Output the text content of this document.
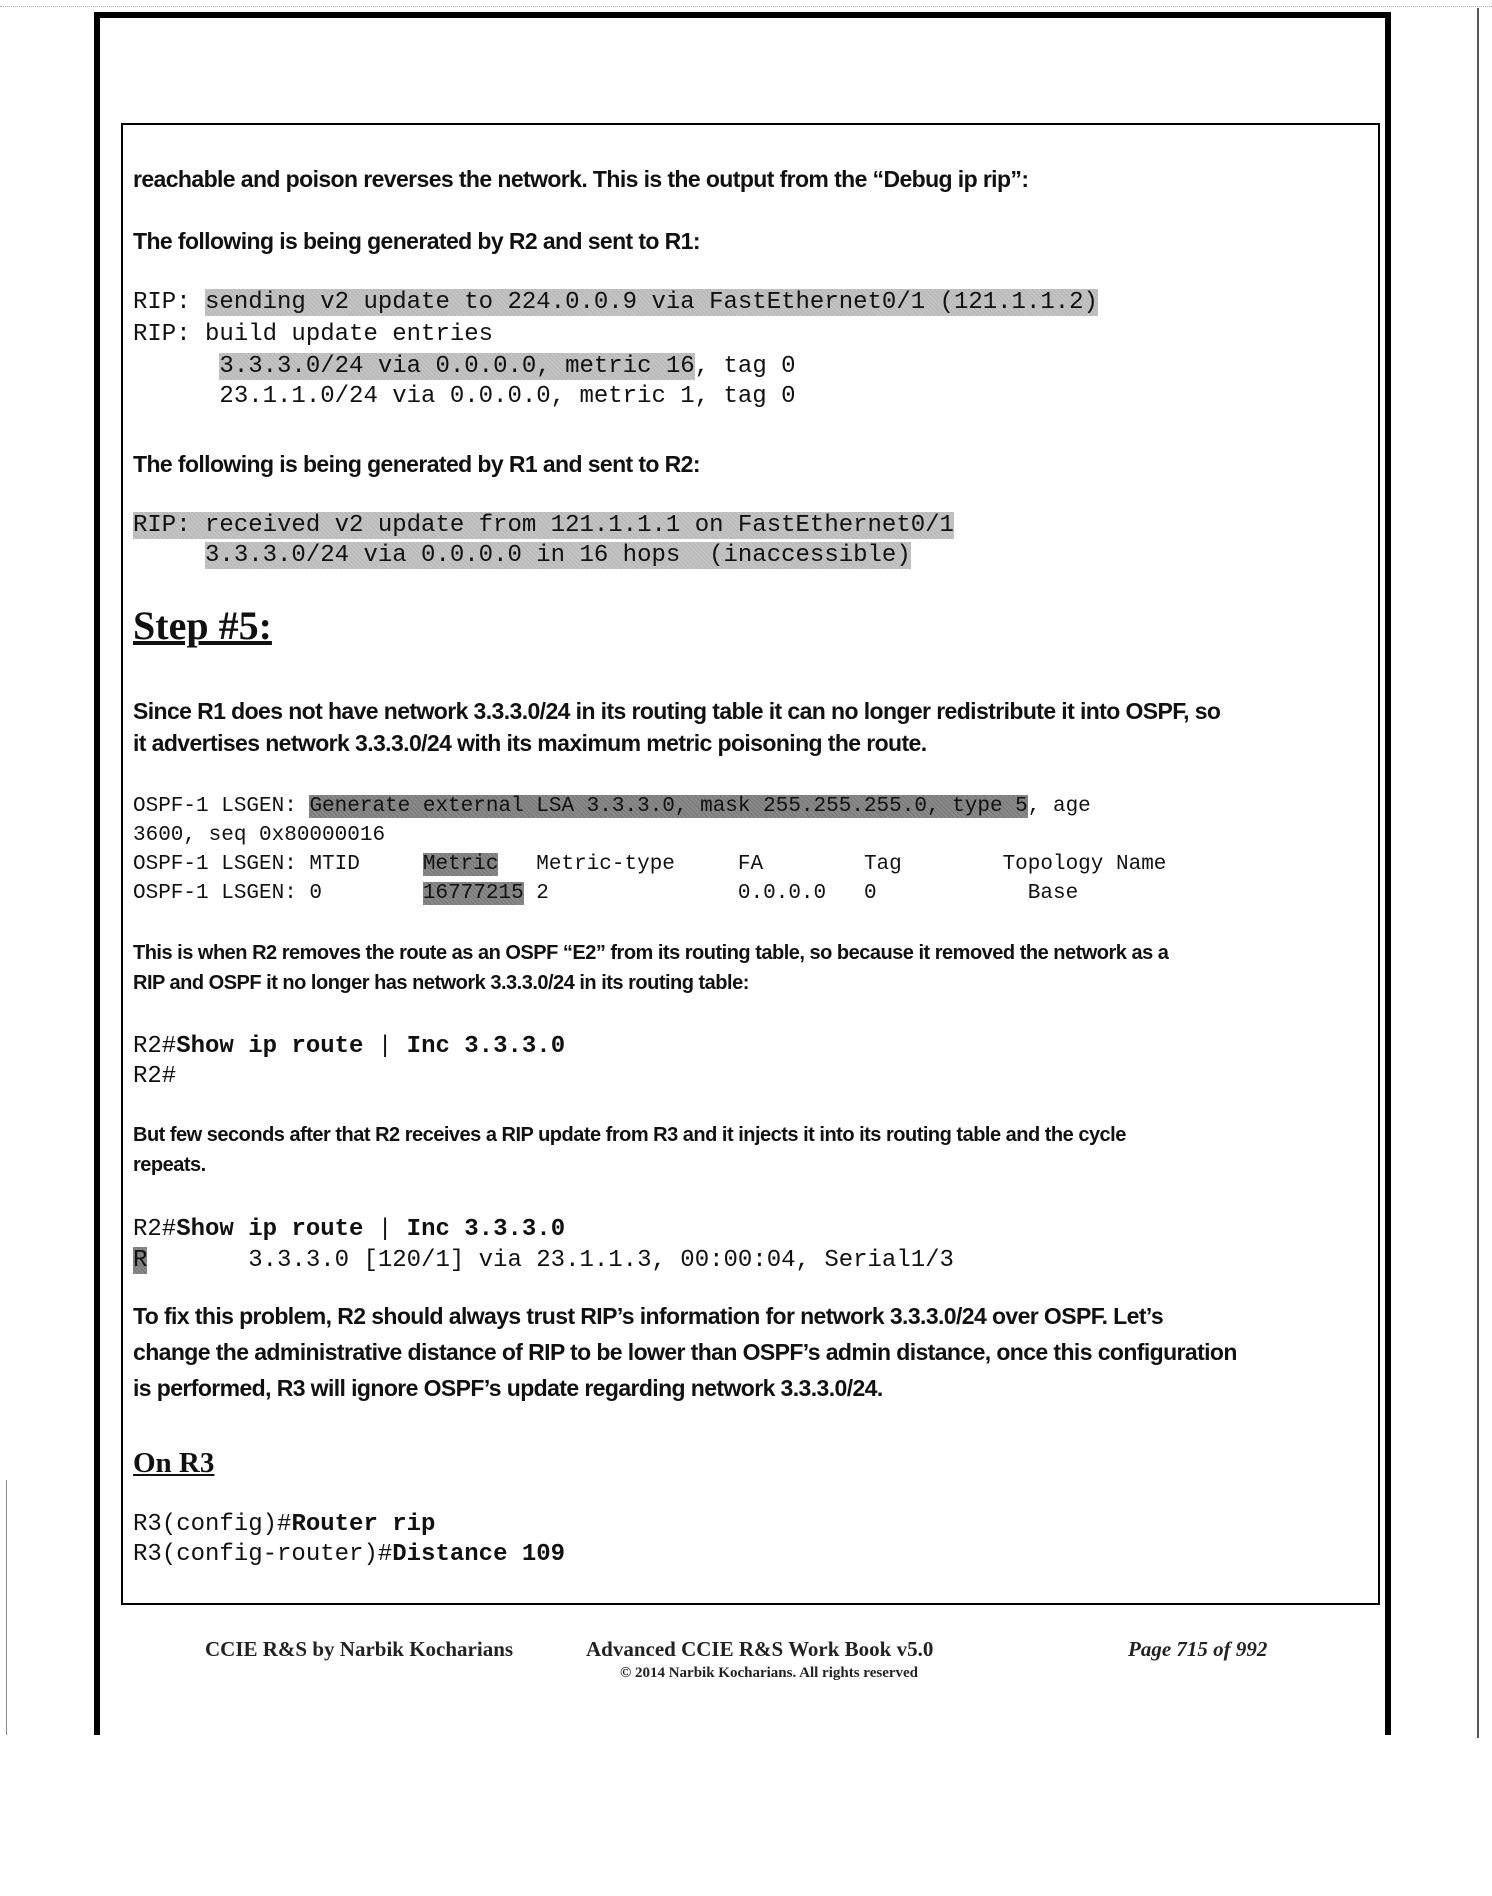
reachable and poison reverses the network. This is the output from the “Debug ip rip”:
The following is being generated by R2 and sent to R1:
RIP: sending v2 update to 224.0.0.9 via FastEthernet0/1 (121.1.1.2)
RIP: build update entries
3.3.3.0/24 via 0.0.0.0, metric 16, tag 0
23.1.1.0/24 via 0.0.0.0, metric 1, tag 0
The following is being generated by R1 and sent to R2:
RIP: received v2 update from 121.1.1.1 on FastEthernet0/1
3.3.3.0/24 via 0.0.0.0 in 16 hops  (inaccessible)
Step #5:
Since R1 does not have network 3.3.3.0/24 in its routing table it can no longer redistribute it into OSPF, so
it advertises network 3.3.3.0/24 with its maximum metric poisoning the route.
OSPF-1 LSGEN: Generate external LSA 3.3.3.0, mask 255.255.255.0, type 5, age
3600, seq 0x80000016
OSPF-1 LSGEN: MTID     Metric   Metric-type     FA        Tag        Topology Name
OSPF-1 LSGEN: 0        16777215 2               0.0.0.0   0            Base
This is when R2 removes the route as an OSPF “E2” from its routing table, so because it removed the network as a
RIP and OSPF it no longer has network 3.3.3.0/24 in its routing table:
R2#Show ip route | Inc 3.3.3.0
R2#
But few seconds after that R2 receives a RIP update from R3 and it injects it into its routing table and the cycle
repeats.
R2#Show ip route | Inc 3.3.3.0
R       3.3.3.0 [120/1] via 23.1.1.3, 00:00:04, Serial1/3
To fix this problem, R2 should always trust RIP’s information for network 3.3.3.0/24 over OSPF. Let’s
change the administrative distance of RIP to be lower than OSPF’s admin distance, once this configuration
is performed, R3 will ignore OSPF’s update regarding network 3.3.3.0/24.
On R3
R3(config)#Router rip
R3(config-router)#Distance 109
CCIE R&S by Narbik Kocharians	Advanced CCIE R&S Work Book v5.0
© 2014 Narbik Kocharians. All rights reserved
Page 715 of 992
